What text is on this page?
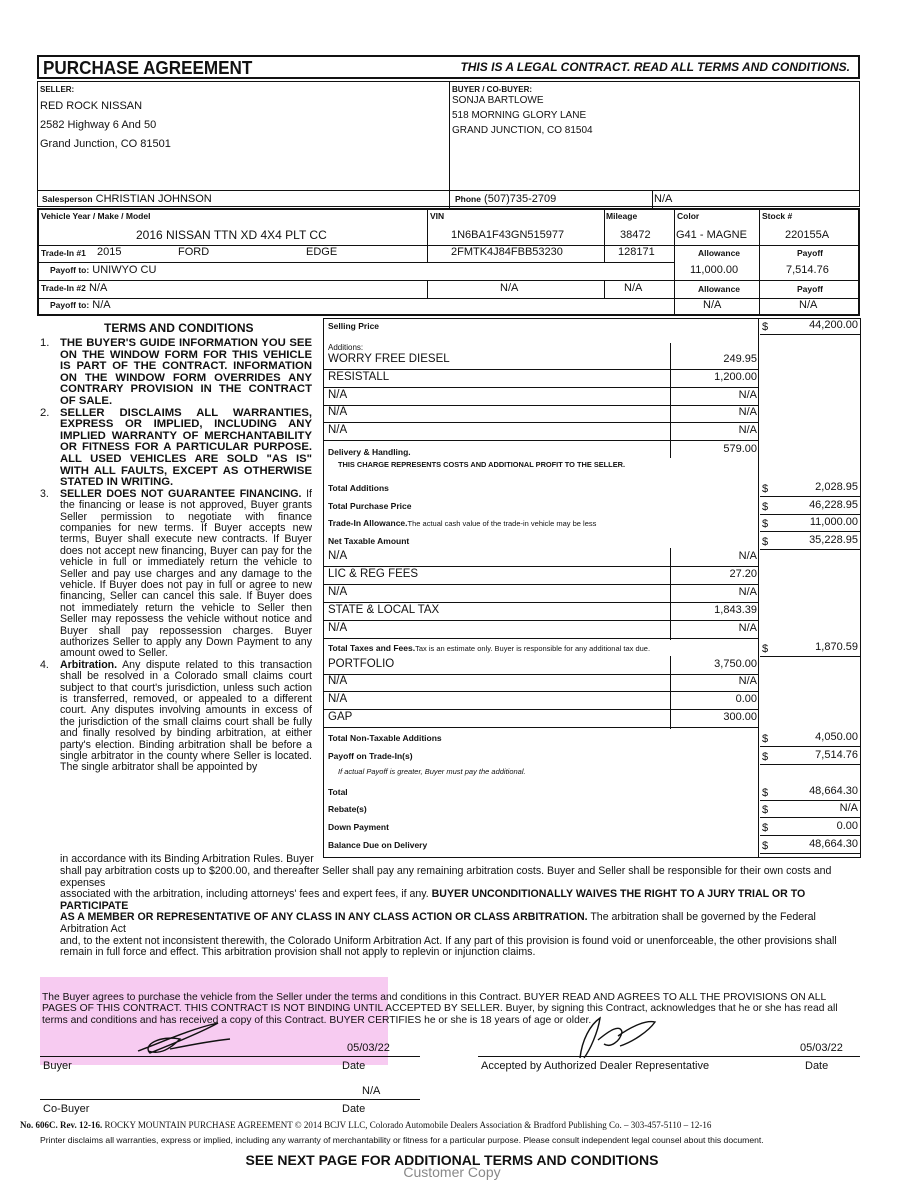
PURCHASE AGREEMENT	THIS IS A LEGAL CONTRACT. READ ALL TERMS AND CONDITIONS.
SELLER:
RED ROCK NISSAN
2582 Highway 6 And 50
Grand Junction, CO 81501
BUYER / CO-BUYER:
SONJA BARTLOWE
518 MORNING GLORY LANE
GRAND JUNCTION, CO 81504
Salesperson CHRISTIAN JOHNSON	Phone (507)735-2709	N/A
Vehicle Year / Make / Model	VIN	Mileage	Color	Stock #
2016 NISSAN TTN XD 4X4 PLT CC	1N6BA1F43GN515977	38472 G41 - MAGNE	220155A
Trade-In #1 2015	FORD	EDGE	2FMTK4J84FBB53230	128171	Allowance	Payoff
Payoff to: UNIWYO CU	11,000.00	7,514.76
Trade-In #2 N/A	N/A	N/A	Allowance	Payoff
Payoff to: N/A	N/A	N/A
TERMS AND CONDITIONS
1. THE BUYER'S GUIDE INFORMATION YOU SEE ON THE WINDOW FORM FOR THIS VEHICLE IS PART OF THE CONTRACT. INFORMATION ON THE WINDOW FORM OVERRIDES ANY CONTRARY PROVISION IN THE CONTRACT OF SALE.
2. SELLER DISCLAIMS ALL WARRANTIES, EXPRESS OR IMPLIED, INCLUDING ANY IMPLIED WARRANTY OF MERCHANTABILITY OR FITNESS FOR A PARTICULAR PURPOSE. ALL USED VEHICLES ARE SOLD "AS IS" WITH ALL FAULTS, EXCEPT AS OTHERWISE STATED IN WRITING.
3.	SELLER DOES NOT GUARANTEE FINANCING. If the financing or lease is not approved, Buyer grants Seller permission to negotiate with finance companies for new terms. If Buyer accepts new terms, Buyer shall execute new contracts. If Buyer does not accept new financing, Buyer can pay for the vehicle in full or immediately return the vehicle to Seller and pay use charges and any damage to the vehicle. If Buyer does not pay in full or agree to new financing, Seller can cancel this sale. If Buyer does not immediately return the vehicle to Seller then Seller may repossess the vehicle without notice and Buyer shall pay repossession charges. Buyer authorizes Seller to apply any Down Payment to any amount owed to Seller.
4.	Arbitration. Any dispute related to this transaction shall be resolved in a Colorado small claims court subject to that court's jurisdiction, unless such action is transferred, removed, or appealed to a different court. Any disputes involving amounts in excess of the jurisdiction of the small claims court shall be fully and finally resolved by binding arbitration, at either party's election. Binding arbitration shall be before a single arbitrator in the county where Seller is located. The single arbitrator shall be appointed by
Selling Price	$	44,200.00
Additions:
WORRY FREE DIESEL	249.95
RESISTALL	1,200.00
N/A	N/A
N/A	N/A
N/A	N/A
Delivery & Handling.	579.00
THIS CHARGE REPRESENTS COSTS AND ADDITIONAL PROFIT TO THE SELLER.
Total Additions	$	2,028.95
Total Purchase Price	$	46,228.95
Trade-In Allowance.The actual cash value of the trade-in vehicle may be less	$	11,000.00
Net Taxable Amount	$	35,228.95
N/A	N/A
LIC & REG FEES	27.20
N/A	N/A
STATE & LOCAL TAX	1,843.39
N/A	N/A
Total Taxes and Fees.Tax is an estimate only. Buyer is responsible for any additional tax due.	$	1,870.59
PORTFOLIO	3,750.00
N/A	N/A
N/A	0.00
GAP	300.00
Total Non-Taxable Additions	$	4,050.00
Payoff on Trade-In(s)	$	7,514.76
If actual Payoff is greater, Buyer must pay the additional.
Total	$	48,664.30
Rebate(s)	$	N/A
Down Payment	$	0.00
Balance Due on Delivery	$	48,664.30
in accordance with its Binding Arbitration Rules. Buyer
shall pay arbitration costs up to $200.00, and thereafter Seller shall pay any remaining arbitration costs. Buyer and Seller shall be responsible for their own costs and expenses
associated with the arbitration, including attorneys' fees and expert fees, if any. BUYER UNCONDITIONALLY WAIVES THE RIGHT TO A JURY TRIAL OR TO PARTICIPATE
AS A MEMBER OR REPRESENTATIVE OF ANY CLASS IN ANY CLASS ACTION OR CLASS ARBITRATION. The arbitration shall be governed by the Federal Arbitration Act
and, to the extent not inconsistent therewith, the Colorado Uniform Arbitration Act. If any part of this provision is found void or unenforceable, the other provisions shall
remain in full force and effect. This arbitration provision shall not apply to replevin or injunction claims.
The Buyer agrees to purchase the vehicle from the Seller under the terms and conditions in this Contract. BUYER READ AND AGREES TO ALL THE PROVISIONS ON ALL
PAGES OF THIS CONTRACT. THIS CONTRACT IS NOT BINDING UNTIL ACCEPTED BY SELLER. Buyer, by signing this Contract, acknowledges that he or she has read all
terms and conditions and has received a copy of this Contract. BUYER CERTIFIES he or she is 18 years of age or older.
05/03/22
Buyer	Date
05/03/22
Accepted by Authorized Dealer Representative	Date
N/A
Co-Buyer	Date
No. 606C. Rev. 12-16. ROCKY MOUNTAIN PURCHASE AGREEMENT © 2014 BCJV LLC, Colorado Automobile Dealers Association & Bradford Publishing Co. – 303-457-5110 – 12-16
Printer disclaims all warranties, express or implied, including any warranty of merchantability or fitness for a particular purpose. Please consult independent legal counsel about this document.
SEE NEXT PAGE FOR ADDITIONAL TERMS AND CONDITIONS
Customer Copy
